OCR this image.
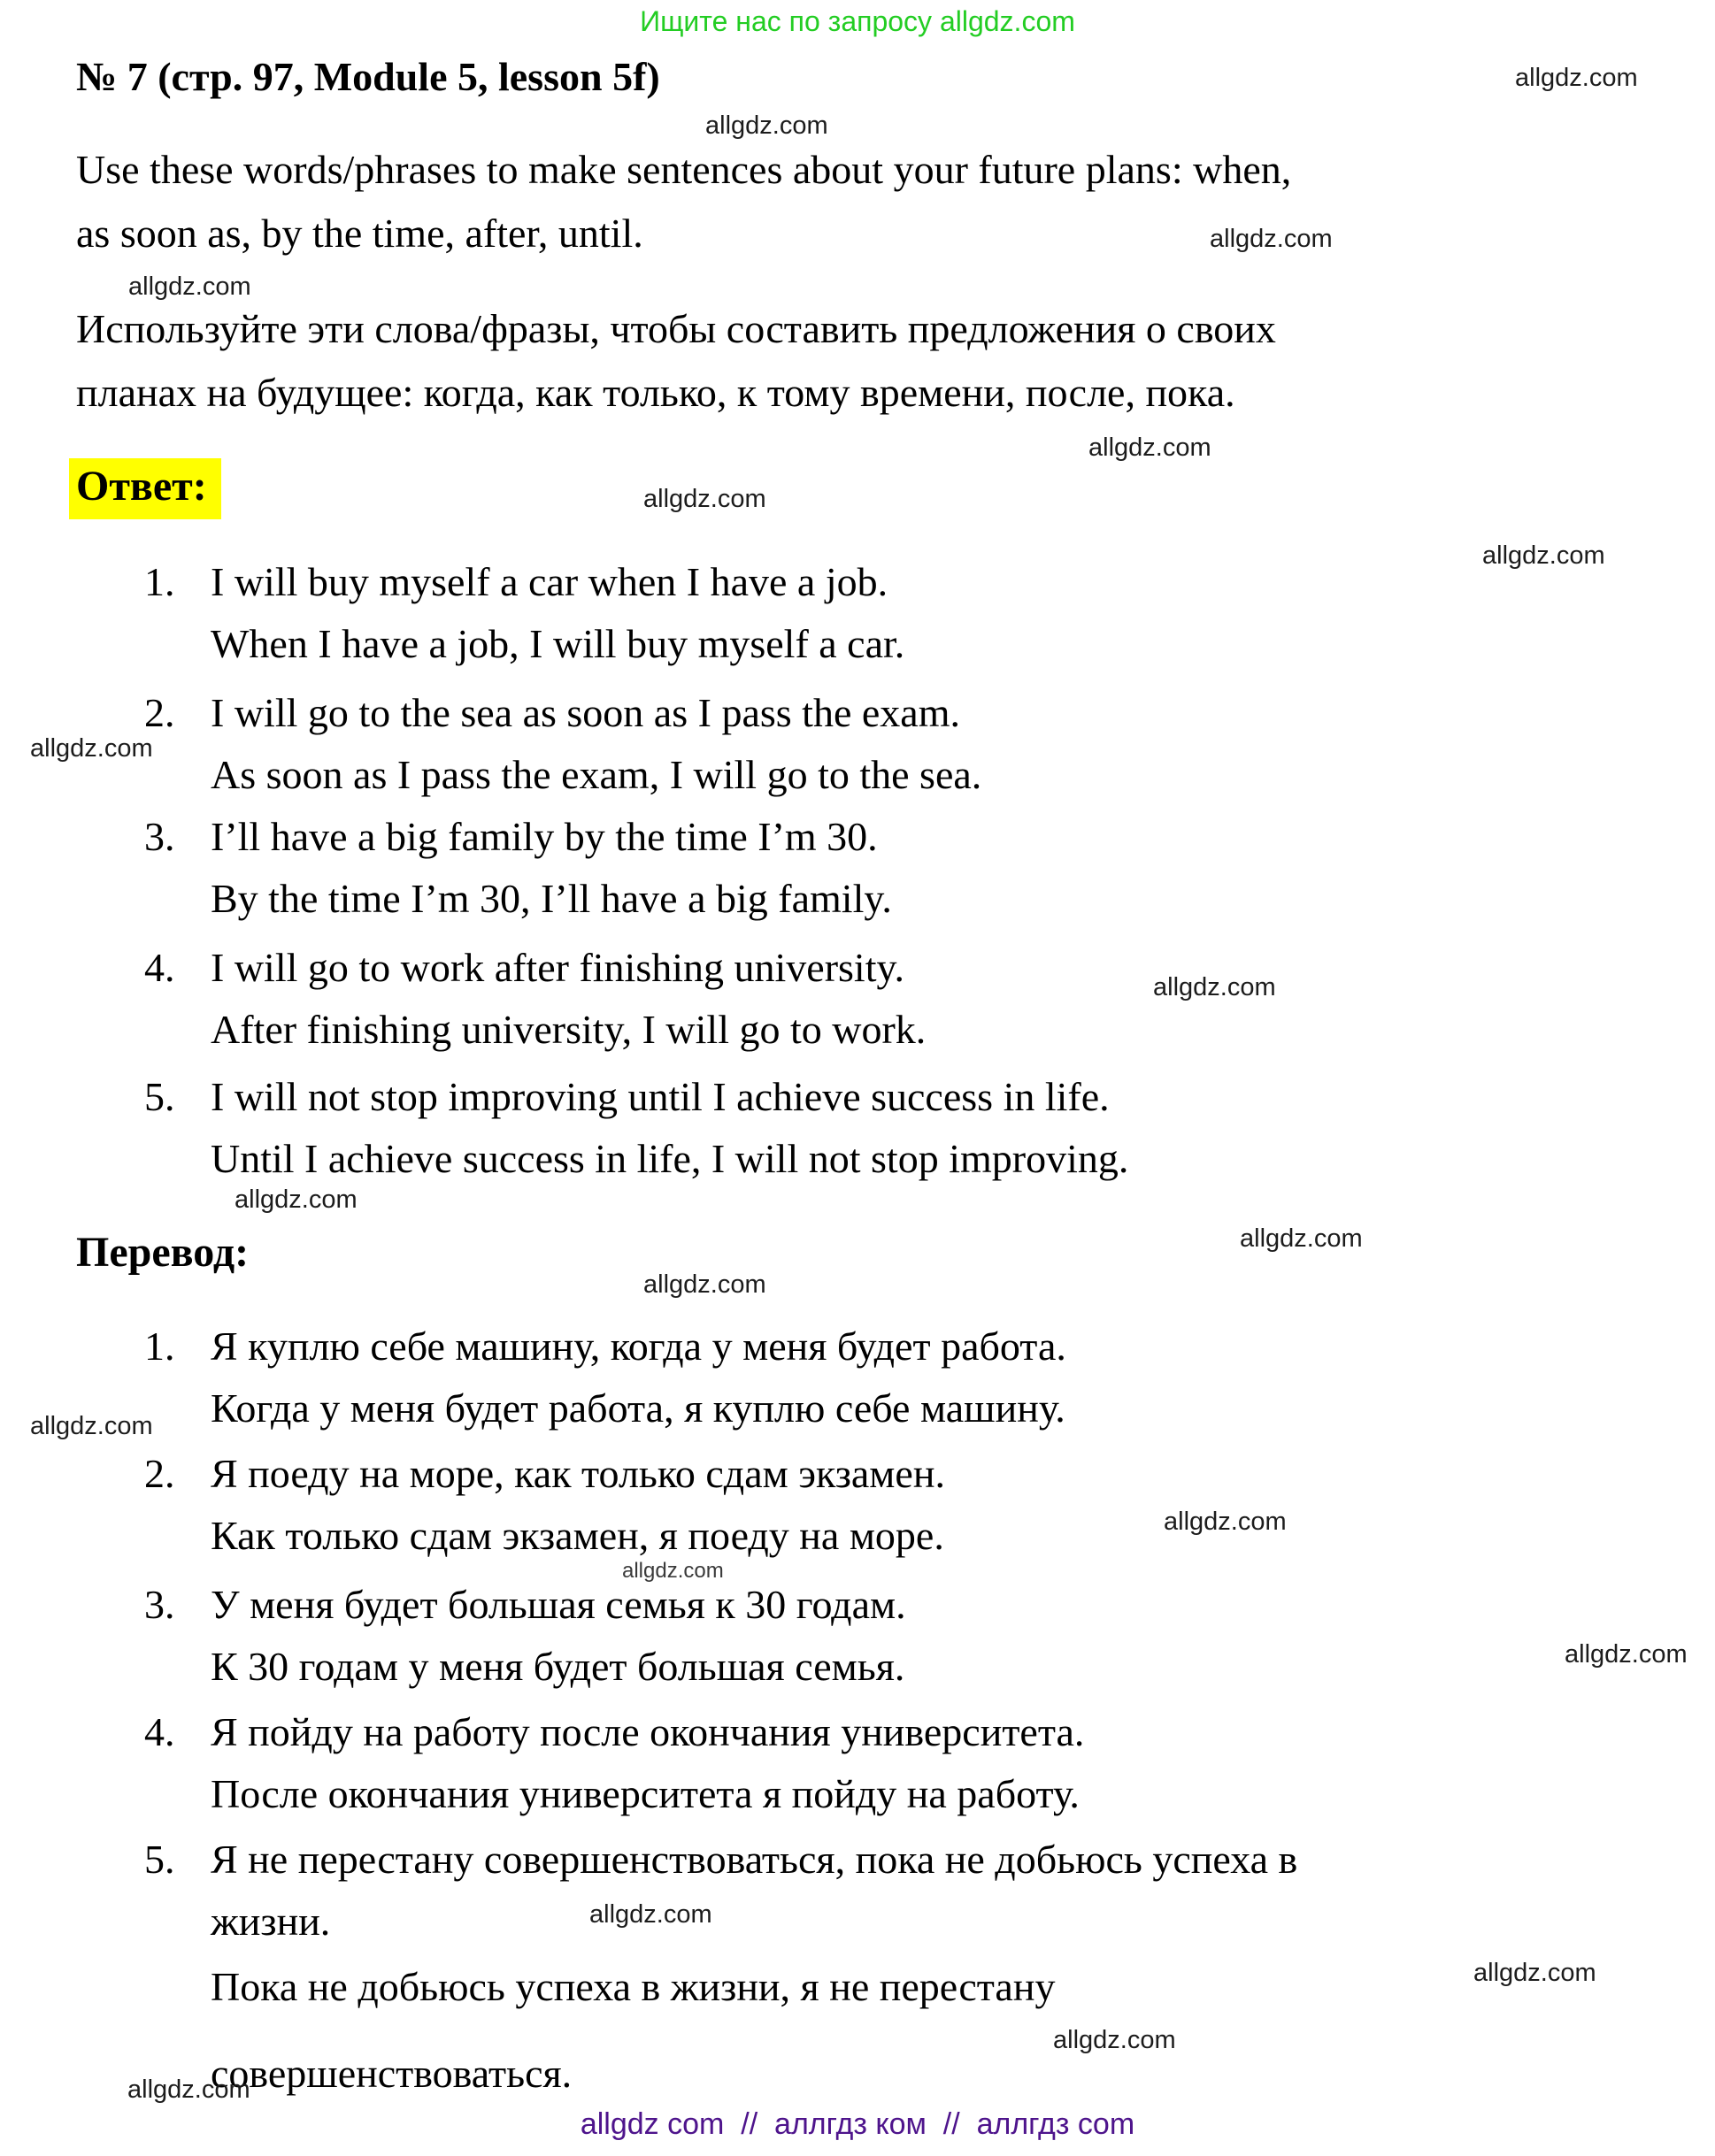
Ищите нас по запросу allgdz.com
№ 7 (стр. 97, Module 5, lesson 5f)	allgdz.com
allgdz.com
Use these words/phrases to make sentences about your future plans: when,
as soon as, by the time, after, until.	allgdz.com
allgdz.com
Используйте эти слова/фразы, чтобы составить предложения о своих
планах на будущее: когда, как только, к тому времени, после, пока.
allgdz.com
Ответ:	allgdz.com
allgdz.com
1. I will buy myself a car when I have a job.
When I have a job, I will buy myself a car.
2. I will go to the sea as soon as I pass the exam.
allgdz.com
As soon as I pass the exam, I will go to the sea.
3. I’ll have a big family by the time I’m 30.
By the time I’m 30, I’ll have a big family.
4. I will go to work after finishing university.	allgdz.com
After finishing university, I will go to work.
5. I will not stop improving until I achieve success in life.
Until I achieve success in life, I will not stop improving.
allgdz.com
Перевод:	allgdz.com
allgdz.com
1. Я куплю себе машину, когда у меня будет работа.
Когда у меня будет работа, я куплю себе машину.
allgdz.com
2. Я поеду на море, как только сдам экзамен.
allgdz.com
Как только сдам экзамен, я поеду на море.
allgdz.com
3. У меня будет большая семья к 30 годам.
К 30 годам у меня будет большая семья.	allgdz.com
4. Я пойду на работу после окончания университета.
После окончания университета я пойду на работу.
5. Я не перестану совершенствоваться, пока не добьюсь успеха в
жизни.	allgdz.com
Пока не добьюсь успеха в жизни, я не перестану	allgdz.com
allgdz.com
совершенствоваться.
allgdz.com
allgdz com  //  аллгдз ком  //  аллгдз com
